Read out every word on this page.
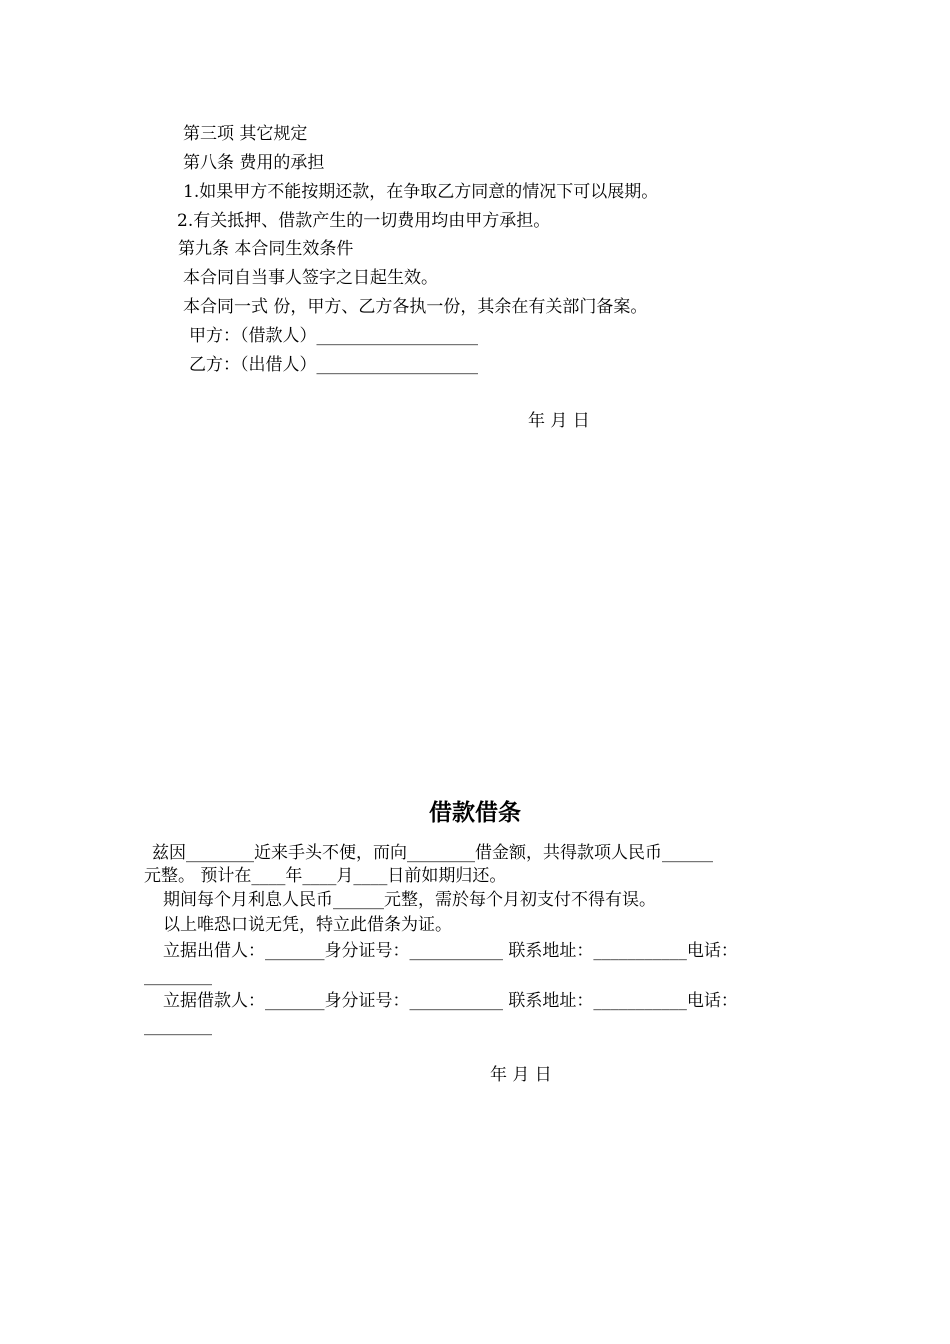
第三项 其它规定
第八条 费用的承担
1.如果甲方不能按期还款，在争取乙方同意的情况下可以展期。
2.有关抵押、借款产生的一切费用均由甲方承担。
第九条 本合同生效条件
本合同自当事人签字之日起生效。
本合同一式 份，甲方、乙方各执一份，其余在有关部门备案。
甲方：（借款人）___________________
乙方：（出借人）___________________
年 月 日
借款借条
兹因________近来手头不便，而向________借金额，共得款项人民币______
元整。 预计在____年____月____日前如期归还。
期间每个月利息人民币______元整，需於每个月初支付不得有误。
以上唯恐口说无凭，特立此借条为证。
立据出借人：_______身分证号：___________ 联系地址：___________电话：
________
立据借款人：_______身分证号：___________ 联系地址：___________电话：
________
年 月 日
